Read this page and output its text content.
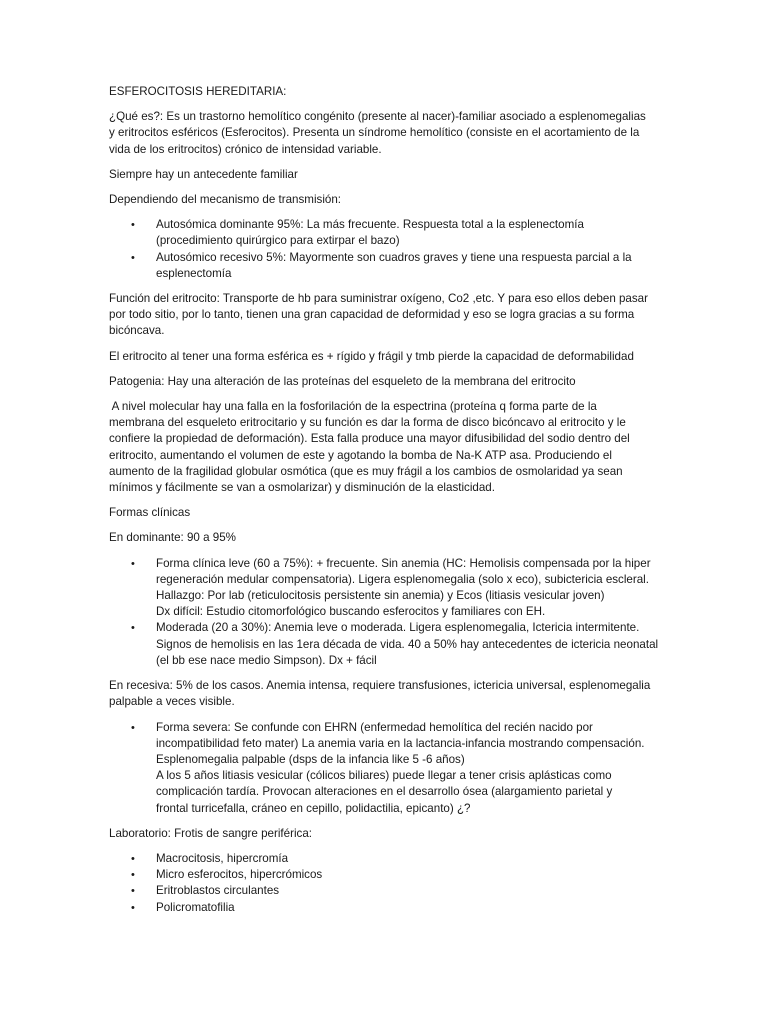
ESFEROCITOSIS HEREDITARIA:

¿Qué es?: Es un trastorno hemolítico congénito (presente al nacer)-familiar asociado a esplenomegalias
y eritrocitos esféricos (Esferocitos). Presenta un síndrome hemolítico (consiste en el acortamiento de la
vida de los eritrocitos) crónico de intensidad variable.

Siempre hay un antecedente familiar

Dependiendo del mecanismo de transmisión:

• Autosómica dominante 95%: La más frecuente. Respuesta total a la esplenectomía
(procedimiento quirúrgico para extirpar el bazo)
• Autosómico recesivo 5%: Mayormente son cuadros graves y tiene una respuesta parcial a la
esplenectomía

Función del eritrocito: Transporte de hb para suministrar oxígeno, Co2 ,etc. Y para eso ellos deben pasar
por todo sitio, por lo tanto, tienen una gran capacidad de deformidad y eso se logra gracias a su forma
bicóncava.

El eritrocito al tener una forma esférica es + rígido y frágil y tmb pierde la capacidad de deformabilidad

Patogenia: Hay una alteración de las proteínas del esqueleto de la membrana del eritrocito

A nivel molecular hay una falla en la fosforilación de la espectrina (proteína q forma parte de la
membrana del esqueleto eritrocitario y su función es dar la forma de disco bicóncavo al eritrocito y le
confiere la propiedad de deformación). Esta falla produce una mayor difusibilidad del sodio dentro del
eritrocito, aumentando el volumen de este y agotando la bomba de Na-K ATP asa. Produciendo el
aumento de la fragilidad globular osmótica (que es muy frágil a los cambios de osmolaridad ya sean
mínimos y fácilmente se van a osmolarizar) y disminución de la elasticidad.

Formas clínicas

En dominante: 90 a 95%

• Forma clínica leve (60 a 75%): + frecuente. Sin anemia (HC: Hemolisis compensada por la hiper
regeneración medular compensatoria). Ligera esplenomegalia (solo x eco), subictericia escleral.
Hallazgo: Por lab (reticulocitosis persistente sin anemia) y Ecos (litiasis vesicular joven)
Dx difícil: Estudio citomorfológico buscando esferocitos y familiares con EH.
• Moderada (20 a 30%): Anemia leve o moderada. Ligera esplenomegalia, Ictericia intermitente.
Signos de hemolisis en las 1era década de vida. 40 a 50% hay antecedentes de ictericia neonatal
(el bb ese nace medio Simpson). Dx + fácil

En recesiva: 5% de los casos. Anemia intensa, requiere transfusiones, ictericia universal, esplenomegalia
palpable a veces visible.

• Forma severa: Se confunde con EHRN (enfermedad hemolítica del recién nacido por
incompatibilidad feto mater) La anemia varia en la lactancia-infancia mostrando compensación.
Esplenomegalia palpable (dsps de la infancia like 5 -6 años)
A los 5 años litiasis vesicular (cólicos biliares) puede llegar a tener crisis aplásticas como
complicación tardía. Provocan alteraciones en el desarrollo ósea (alargamiento parietal y
frontal turricefalla, cráneo en cepillo, polidactilia, epicanto) ¿?

Laboratorio: Frotis de sangre periférica:

• Macrocitosis, hipercromía
• Micro esferocitos, hipercrómicos
• Eritroblastos circulantes
• Policromatofilia
